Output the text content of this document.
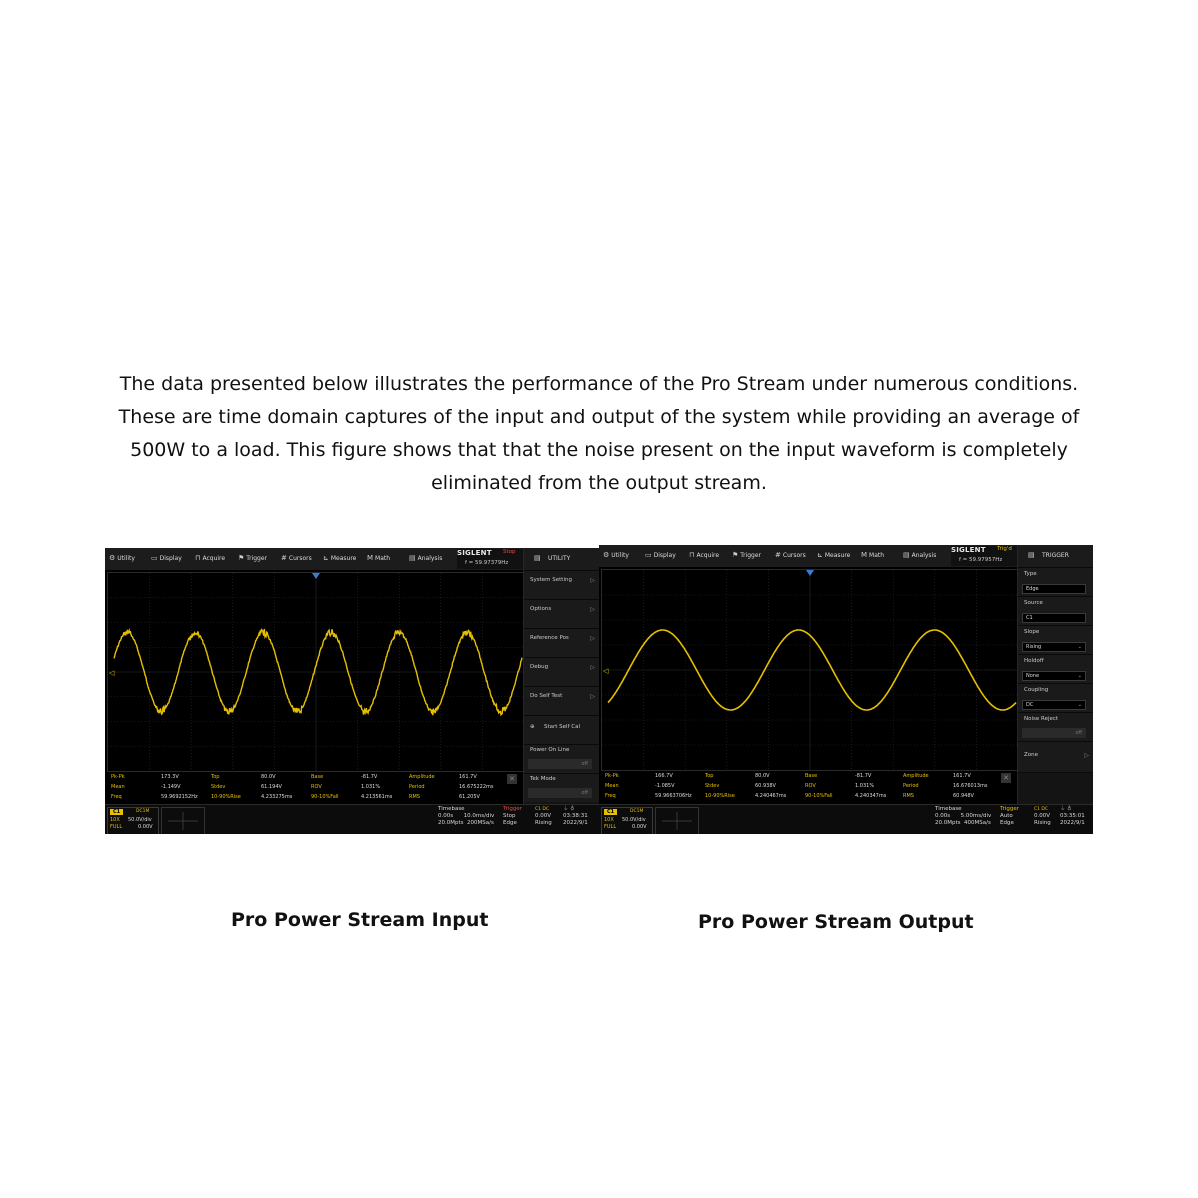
The data presented below illustrates the performance of the Pro Stream under numerous conditions.
These are time domain captures of the input and output of the system while providing an average of
500W to a load. This figure shows that that the noise present on the input waveform is completely
eliminated from the output stream.
⚙ Utility ▭ Display ⊓ Acquire ⚑ Trigger # Cursors ⊾ Measure M Math	▤ Analysis
SIGLENT Stop
f = 59.97379Hz
◁
▤ UTILITY
System Setting	▷
Options	▷
Reference Pos	▷
Debug	▷
Do Self Test	▷
⊕ Start Self Cal
Power On Line
off
Tek Mode
off
Pk-Pk	173.3V	Top	80.0V	Base	-81.7V	Amplitude	161.7V
Mean	-1.149V	Stdev	61.194V	ROV	1.031%	Period	16.675222ms
Freq	59.9692152Hz	10-90%Rise	4.233275ms	90-10%Fall	4.213561ms	RMS	61.205V
✕
C1	DC1M
10X 50.0V/div
FULL	0.00V
Timebase
0.00s 10.0ms/div
20.0Mpts 200MSa/s
Trigger
Stop
Edge
C1 DC
0.00V
Rising
⏚ ♁
03:38:31
2022/9/1
⚙ Utility ▭ Display ⊓ Acquire ⚑ Trigger # Cursors ⊾ Measure M Math	▤ Analysis
SIGLENT Trig'd
f = 59.97957Hz
◁
▤ TRIGGER
Type
Edge
Source
C1
Slope
Rising	⌄
Holdoff
None	⌄
Coupling
DC	⌄
Noise Reject
off
Zone	▷
Pk-Pk	166.7V	Top	80.0V	Base	-81.7V	Amplitude	161.7V
Mean	-1.085V	Stdev	60.938V	ROV	1.031%	Period	16.676013ms
Freq	59.9663706Hz	10-90%Rise	4.240467ms	90-10%Fall	4.240347ms	RMS	60.948V
✕
C1	DC1M
10X 50.0V/div
FULL	0.00V
Timebase
0.00s 5.00ms/div
20.0Mpts 400MSa/s
Trigger
Auto
Edge
C1 DC
0.00V
Rising
⏚ ♁
03:35:01
2022/9/1
Pro Power Stream Input	Pro Power Stream Output
